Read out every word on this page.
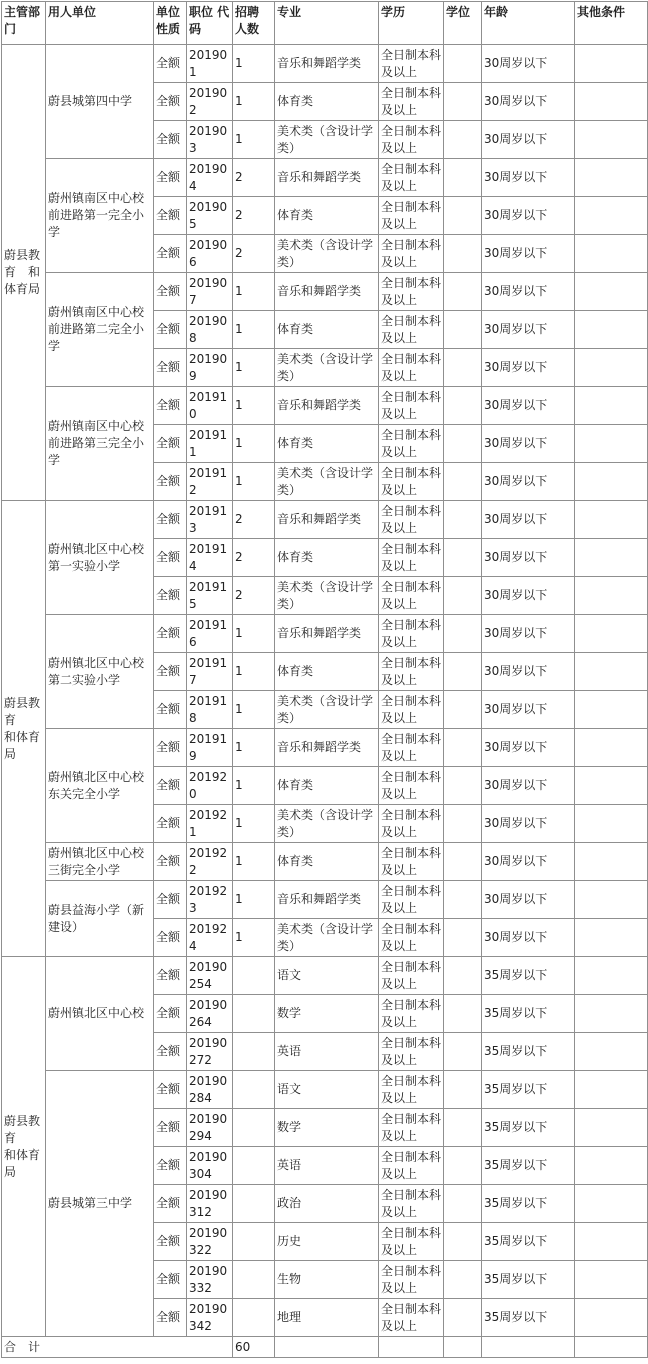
主管部门	用人单位	单位性质	职位 代码	招聘 人数	专业	学历	学位	年龄	其他条件
蔚县教育　和体育局	蔚县城第四中学	全额	201901	1	音乐和舞蹈学类	全日制本科及以上		30周岁以下	
		全额	201902	1	体育类	全日制本科及以上		30周岁以下	
		全额	201903	1	美术类（含设计学类）	全日制本科及以上		30周岁以下	
	蔚州镇南区中心校前进路第一完全小学	全额	201904	2	音乐和舞蹈学类	全日制本科及以上		30周岁以下	
		全额	201905	2	体育类	全日制本科及以上		30周岁以下	
		全额	201906	2	美术类（含设计学类）	全日制本科及以上		30周岁以下	
	蔚州镇南区中心校前进路第二完全小学	全额	201907	1	音乐和舞蹈学类	全日制本科及以上		30周岁以下	
		全额	201908	1	体育类	全日制本科及以上		30周岁以下	
		全额	201909	1	美术类（含设计学类）	全日制本科及以上		30周岁以下	
	蔚州镇南区中心校前进路第三完全小学	全额	201910	1	音乐和舞蹈学类	全日制本科及以上		30周岁以下	
		全额	201911	1	体育类	全日制本科及以上		30周岁以下	
		全额	201912	1	美术类（含设计学类）	全日制本科及以上		30周岁以下	
蔚县教育　　和体育局	蔚州镇北区中心校第一实验小学	全额	201913	2	音乐和舞蹈学类	全日制本科及以上		30周岁以下	
		全额	201914	2	体育类	全日制本科及以上		30周岁以下	
		全额	201915	2	美术类（含设计学类）	全日制本科及以上		30周岁以下	
	蔚州镇北区中心校第二实验小学	全额	201916	1	音乐和舞蹈学类	全日制本科及以上		30周岁以下	
		全额	201917	1	体育类	全日制本科及以上		30周岁以下	
		全额	201918	1	美术类（含设计学类）	全日制本科及以上		30周岁以下	
	蔚州镇北区中心校东关完全小学	全额	201919	1	音乐和舞蹈学类	全日制本科及以上		30周岁以下	
		全额	201920	1	体育类	全日制本科及以上		30周岁以下	
		全额	201921	1	美术类（含设计学类）	全日制本科及以上		30周岁以下	
	蔚州镇北区中心校三街完全小学	全额	201922	1	体育类	全日制本科及以上		30周岁以下	
	蔚县益海小学（新建设）	全额	201923	1	音乐和舞蹈学类	全日制本科及以上		30周岁以下	
		全额	201924	1	美术类（含设计学类）	全日制本科及以上		30周岁以下	
蔚县教育　　和体育局	蔚州镇北区中心校	全额	20190254		语文	全日制本科及以上		35周岁以下	
		全额	20190264		数学	全日制本科及以上		35周岁以下	
		全额	20190272		英语	全日制本科及以上		35周岁以下	
	蔚县城第三中学	全额	20190284		语文	全日制本科及以上		35周岁以下	
		全额	20190294		数学	全日制本科及以上		35周岁以下	
		全额	20190304		英语	全日制本科及以上		35周岁以下	
		全额	20190312		政治	全日制本科及以上		35周岁以下	
		全额	20190322		历史	全日制本科及以上		35周岁以下	
		全额	20190332		生物	全日制本科及以上		35周岁以下	
		全额	20190342		地理	全日制本科及以上		35周岁以下	
合　计				60					
